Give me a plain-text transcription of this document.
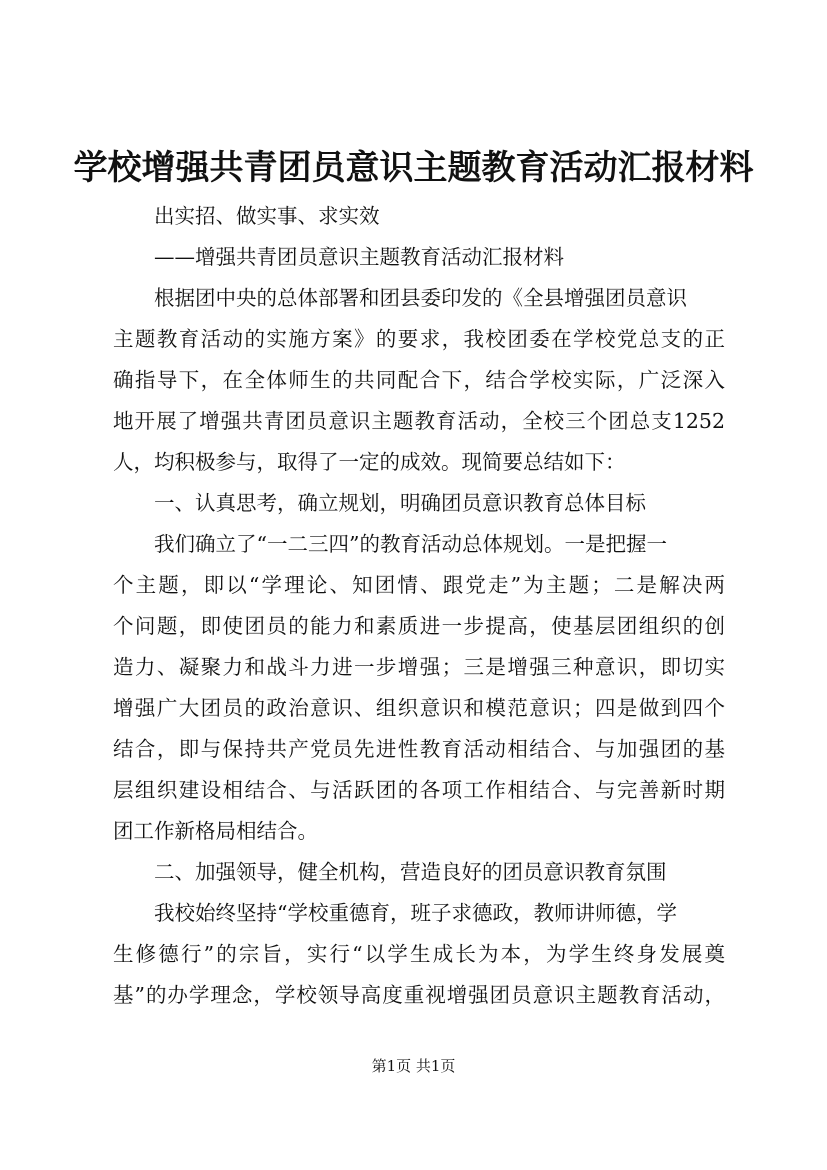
学校增强共青团员意识主题教育活动汇报材料
出实招、做实事、求实效
——增强共青团员意识主题教育活动汇报材料
根据团中央的总体部署和团县委印发的《全县增强团员意识
主题教育活动的实施方案》的要求，我校团委在学校党总支的正
确指导下，在全体师生的共同配合下，结合学校实际，广泛深入
地开展了增强共青团员意识主题教育活动，全校三个团总支1252
人，均积极参与，取得了一定的成效。现简要总结如下：
一、认真思考，确立规划，明确团员意识教育总体目标
我们确立了“一二三四”的教育活动总体规划。一是把握一
个主题，即以“学理论、知团情、跟党走”为主题；二是解决两
个问题，即使团员的能力和素质进一步提高，使基层团组织的创
造力、凝聚力和战斗力进一步增强；三是增强三种意识，即切实
增强广大团员的政治意识、组织意识和模范意识；四是做到四个
结合，即与保持共产党员先进性教育活动相结合、与加强团的基
层组织建设相结合、与活跃团的各项工作相结合、与完善新时期
团工作新格局相结合。
二、加强领导，健全机构，营造良好的团员意识教育氛围
我校始终坚持“学校重德育，班子求德政，教师讲师德，学
生修德行”的宗旨，实行“以学生成长为本，为学生终身发展奠
基”的办学理念，学校领导高度重视增强团员意识主题教育活动，
第1页 共1页
